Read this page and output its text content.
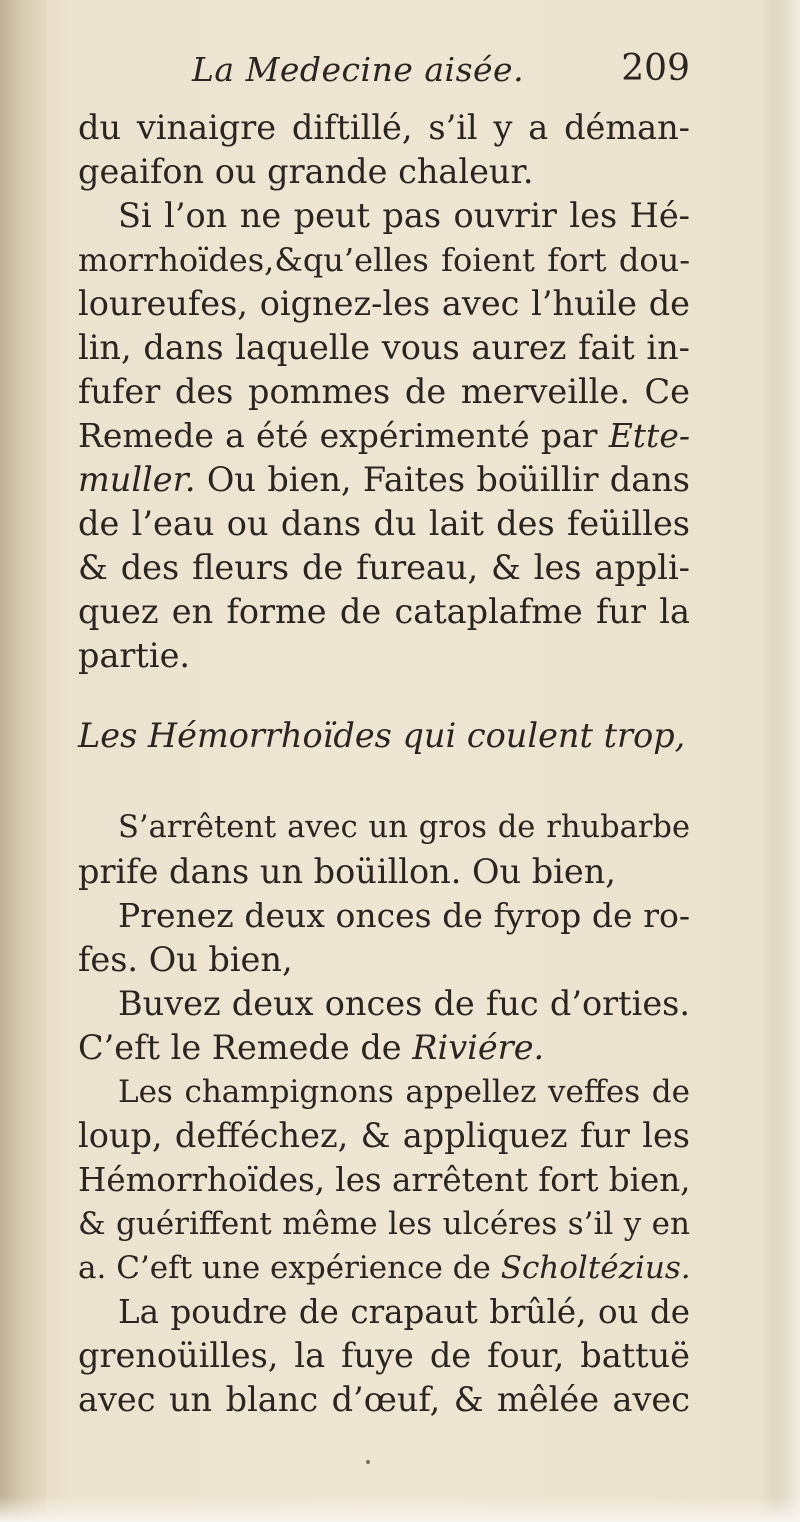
La Medecine aisée.	209
du vinaigre diftillé, s’il y a déman-
geaifon ou grande chaleur.
Si l’on ne peut pas ouvrir les Hé-
morrhoïdes,&qu’elles foient fort dou-
loureufes, oignez-les avec l’huile de
lin, dans laquelle vous aurez fait in-
fufer des pommes de merveille. Ce
Remede a été expérimenté par Ette-
muller. Ou bien, Faites boüillir dans
de l’eau ou dans du lait des feüilles
& des fleurs de fureau, & les appli-
quez en forme de cataplafme fur la
partie.
Les Hémorrhoïdes qui coulent trop,
S’arrêtent avec un gros de rhubarbe
prife dans un boüillon. Ou bien,
Prenez deux onces de fyrop de ro-
fes. Ou bien,
Buvez deux onces de fuc d’orties.
C’eft le Remede de Riviére.
Les champignons appellez veffes de
loup, defféchez, & appliquez fur les
Hémorrhoïdes, les arrêtent fort bien,
& guériffent même les ulcéres s’il y en
a. C’eft une expérience de Scholtézius.
La poudre de crapaut brûlé, ou de
grenoüilles, la fuye de four, battuë
avec un blanc d’œuf, & mêlée avec
